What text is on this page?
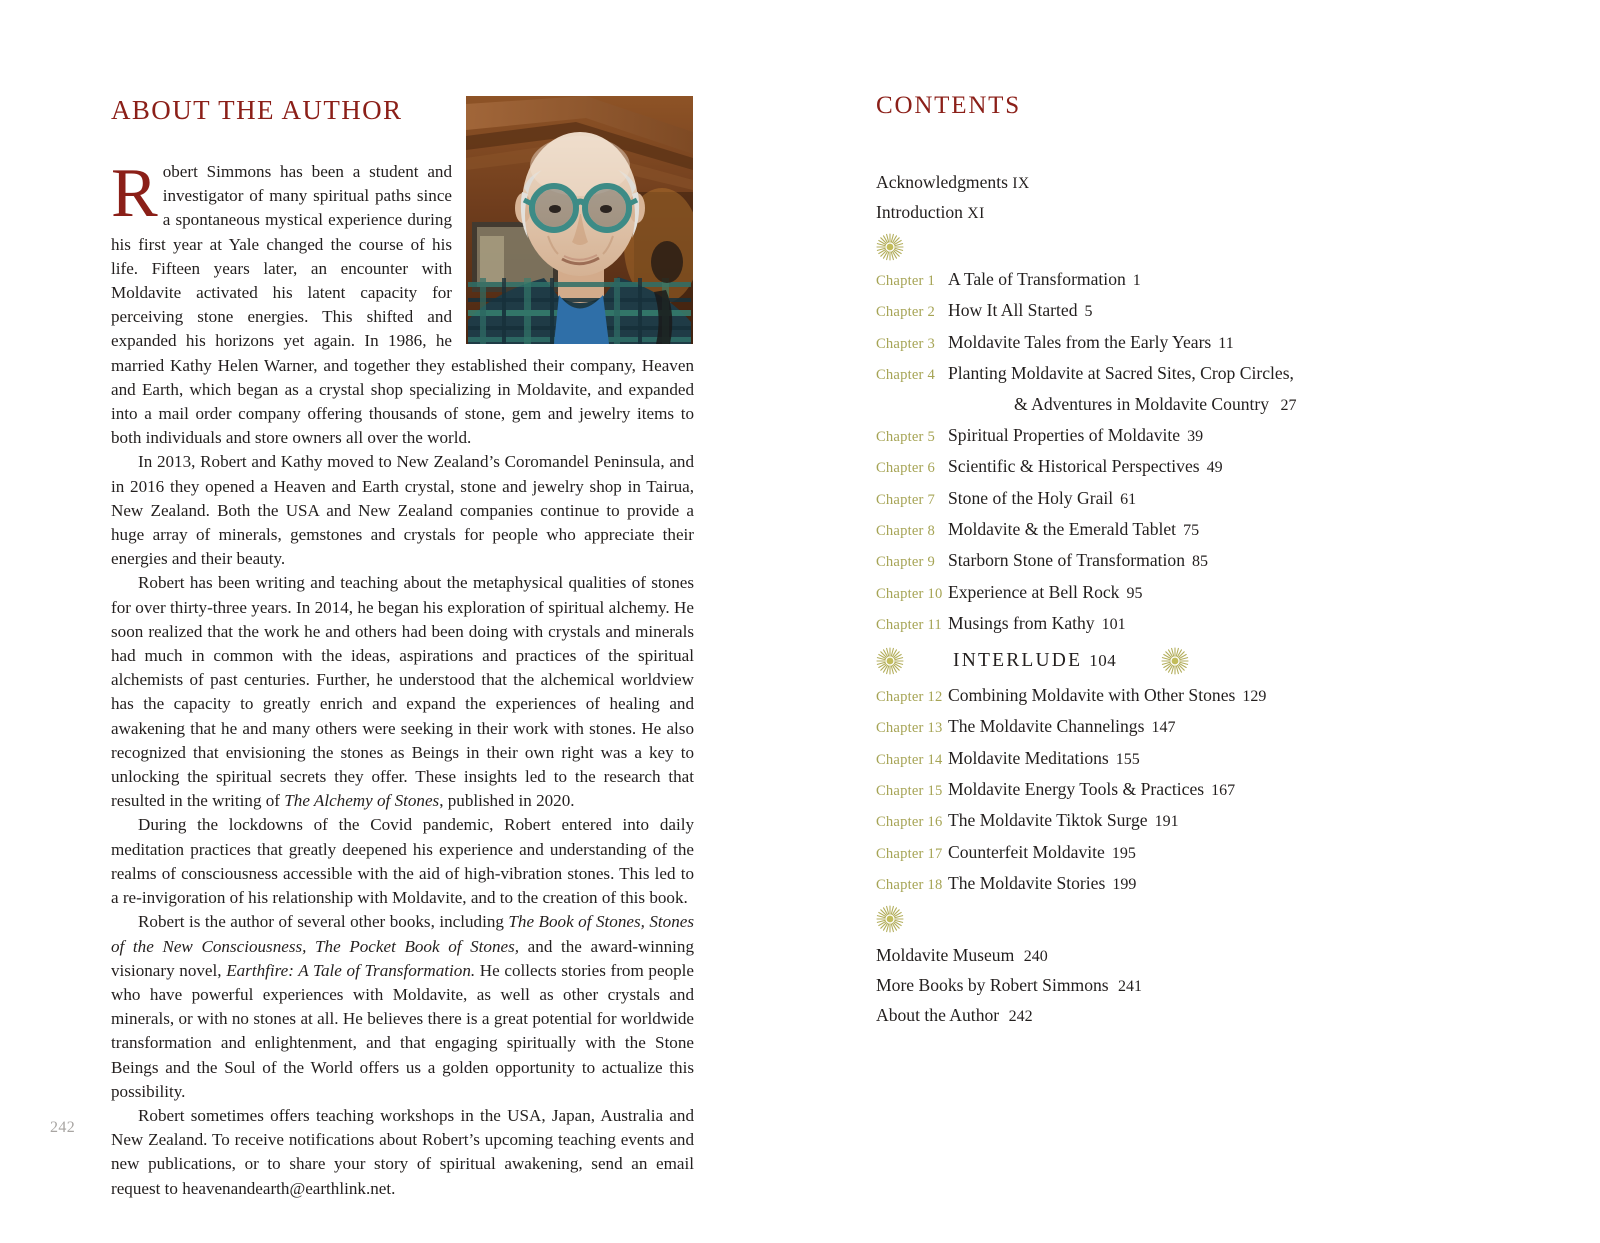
ABOUT THE AUTHOR

Robert Simmons has been a student and investigator of many spiritual paths since a spontaneous mystical experience during his first year at Yale changed the course of his life. Fifteen years later, an encounter with Moldavite activated his latent capacity for perceiving stone energies. This shifted and expanded his horizons yet again. In 1986, he married Kathy Helen Warner, and together they established their company, Heaven and Earth, which began as a crystal shop specializing in Moldavite, and expanded into a mail order company offering thousands of stone, gem and jewelry items to both individuals and store owners all over the world.

In 2013, Robert and Kathy moved to New Zealand’s Coromandel Peninsula, and in 2016 they opened a Heaven and Earth crystal, stone and jewelry shop in Tairua, New Zealand. Both the USA and New Zealand companies continue to provide a huge array of minerals, gemstones and crystals for people who appreciate their energies and their beauty.

Robert has been writing and teaching about the metaphysical qualities of stones for over thirty-three years. In 2014, he began his exploration of spiritual alchemy. He soon realized that the work he and others had been doing with crystals and minerals had much in common with the ideas, aspirations and practices of the spiritual alchemists of past centuries. Further, he understood that the alchemical worldview has the capacity to greatly enrich and expand the experiences of healing and awakening that he and many others were seeking in their work with stones. He also recognized that envisioning the stones as Beings in their own right was a key to unlocking the spiritual secrets they offer. These insights led to the research that resulted in the writing of The Alchemy of Stones, published in 2020.

During the lockdowns of the Covid pandemic, Robert entered into daily meditation practices that greatly deepened his experience and understanding of the realms of consciousness accessible with the aid of high-vibration stones. This led to a re-invigoration of his relationship with Moldavite, and to the creation of this book.

Robert is the author of several other books, including The Book of Stones, Stones of the New Consciousness, The Pocket Book of Stones, and the award-winning visionary novel, Earthfire: A Tale of Transformation. He collects stories from people who have powerful experiences with Moldavite, as well as other crystals and minerals, or with no stones at all. He believes there is a great potential for worldwide transformation and enlightenment, and that engaging spiritually with the Stone Beings and the Soul of the World offers us a golden opportunity to actualize this possibility.

Robert sometimes offers teaching workshops in the USA, Japan, Australia and New Zealand. To receive notifications about Robert’s upcoming teaching events and new publications, or to share your story of spiritual awakening, send an email request to heavenandearth@earthlink.net.

242
CONTENTS
Acknowledgments IX
Introduction XI
Chapter 1 A Tale of Transformation 1
Chapter 2 How It All Started 5
Chapter 3 Moldavite Tales from the Early Years 11
Chapter 4 Planting Moldavite at Sacred Sites, Crop Circles,
& Adventures in Moldavite Country 27
Chapter 5 Spiritual Properties of Moldavite 39
Chapter 6 Scientific & Historical Perspectives 49
Chapter 7 Stone of the Holy Grail 61
Chapter 8 Moldavite & the Emerald Tablet 75
Chapter 9 Starborn Stone of Transformation 85
Chapter 10 Experience at Bell Rock 95
Chapter 11 Musings from Kathy 101
INTERLUDE 104
Chapter 12 Combining Moldavite with Other Stones 129
Chapter 13 The Moldavite Channelings 147
Chapter 14 Moldavite Meditations 155
Chapter 15 Moldavite Energy Tools & Practices 167
Chapter 16 The Moldavite Tiktok Surge 191
Chapter 17 Counterfeit Moldavite 195
Chapter 18 The Moldavite Stories 199
Moldavite Museum 240
More Books by Robert Simmons 241
About the Author 242
